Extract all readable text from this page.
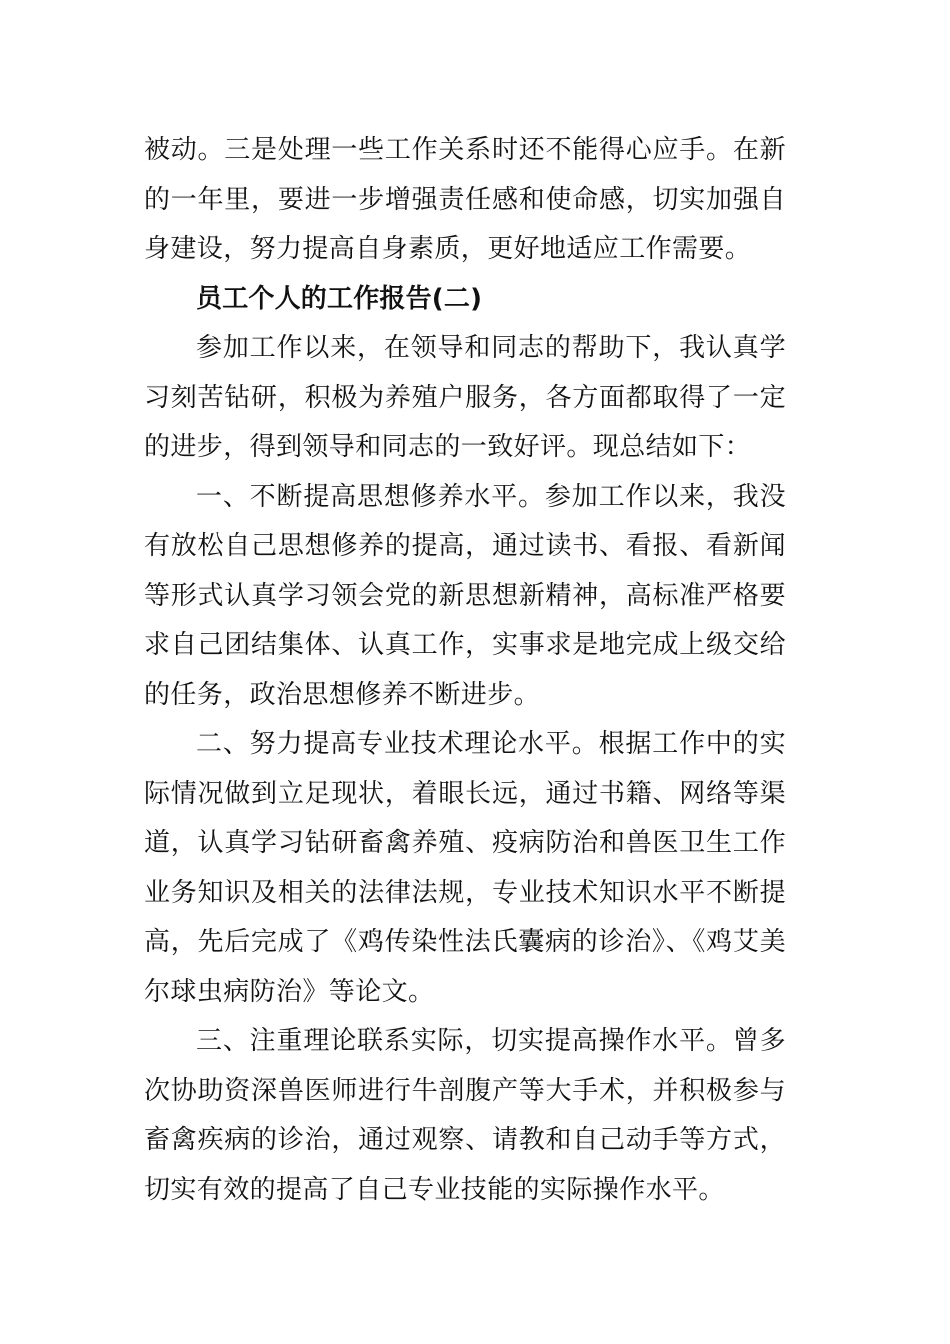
被动。三是处理一些工作关系时还不能得心应手。在新的一年里，要进一步增强责任感和使命感，切实加强自身建设，努力提高自身素质，更好地适应工作需要。

员工个人的工作报告(二)

参加工作以来，在领导和同志的帮助下，我认真学习刻苦钻研，积极为养殖户服务，各方面都取得了一定的进步，得到领导和同志的一致好评。现总结如下：

一、不断提高思想修养水平。参加工作以来，我没有放松自己思想修养的提高，通过读书、看报、看新闻等形式认真学习领会党的新思想新精神，高标准严格要求自己团结集体、认真工作，实事求是地完成上级交给的任务，政治思想修养不断进步。

二、努力提高专业技术理论水平。根据工作中的实际情况做到立足现状，着眼长远，通过书籍、网络等渠道，认真学习钻研畜禽养殖、疫病防治和兽医卫生工作业务知识及相关的法律法规，专业技术知识水平不断提高，先后完成了《鸡传染性法氏囊病的诊治》、《鸡艾美尔球虫病防治》等论文。

三、注重理论联系实际，切实提高操作水平。曾多次协助资深兽医师进行牛剖腹产等大手术，并积极参与畜禽疾病的诊治，通过观察、请教和自己动手等方式，切实有效的提高了自己专业技能的实际操作水平。
